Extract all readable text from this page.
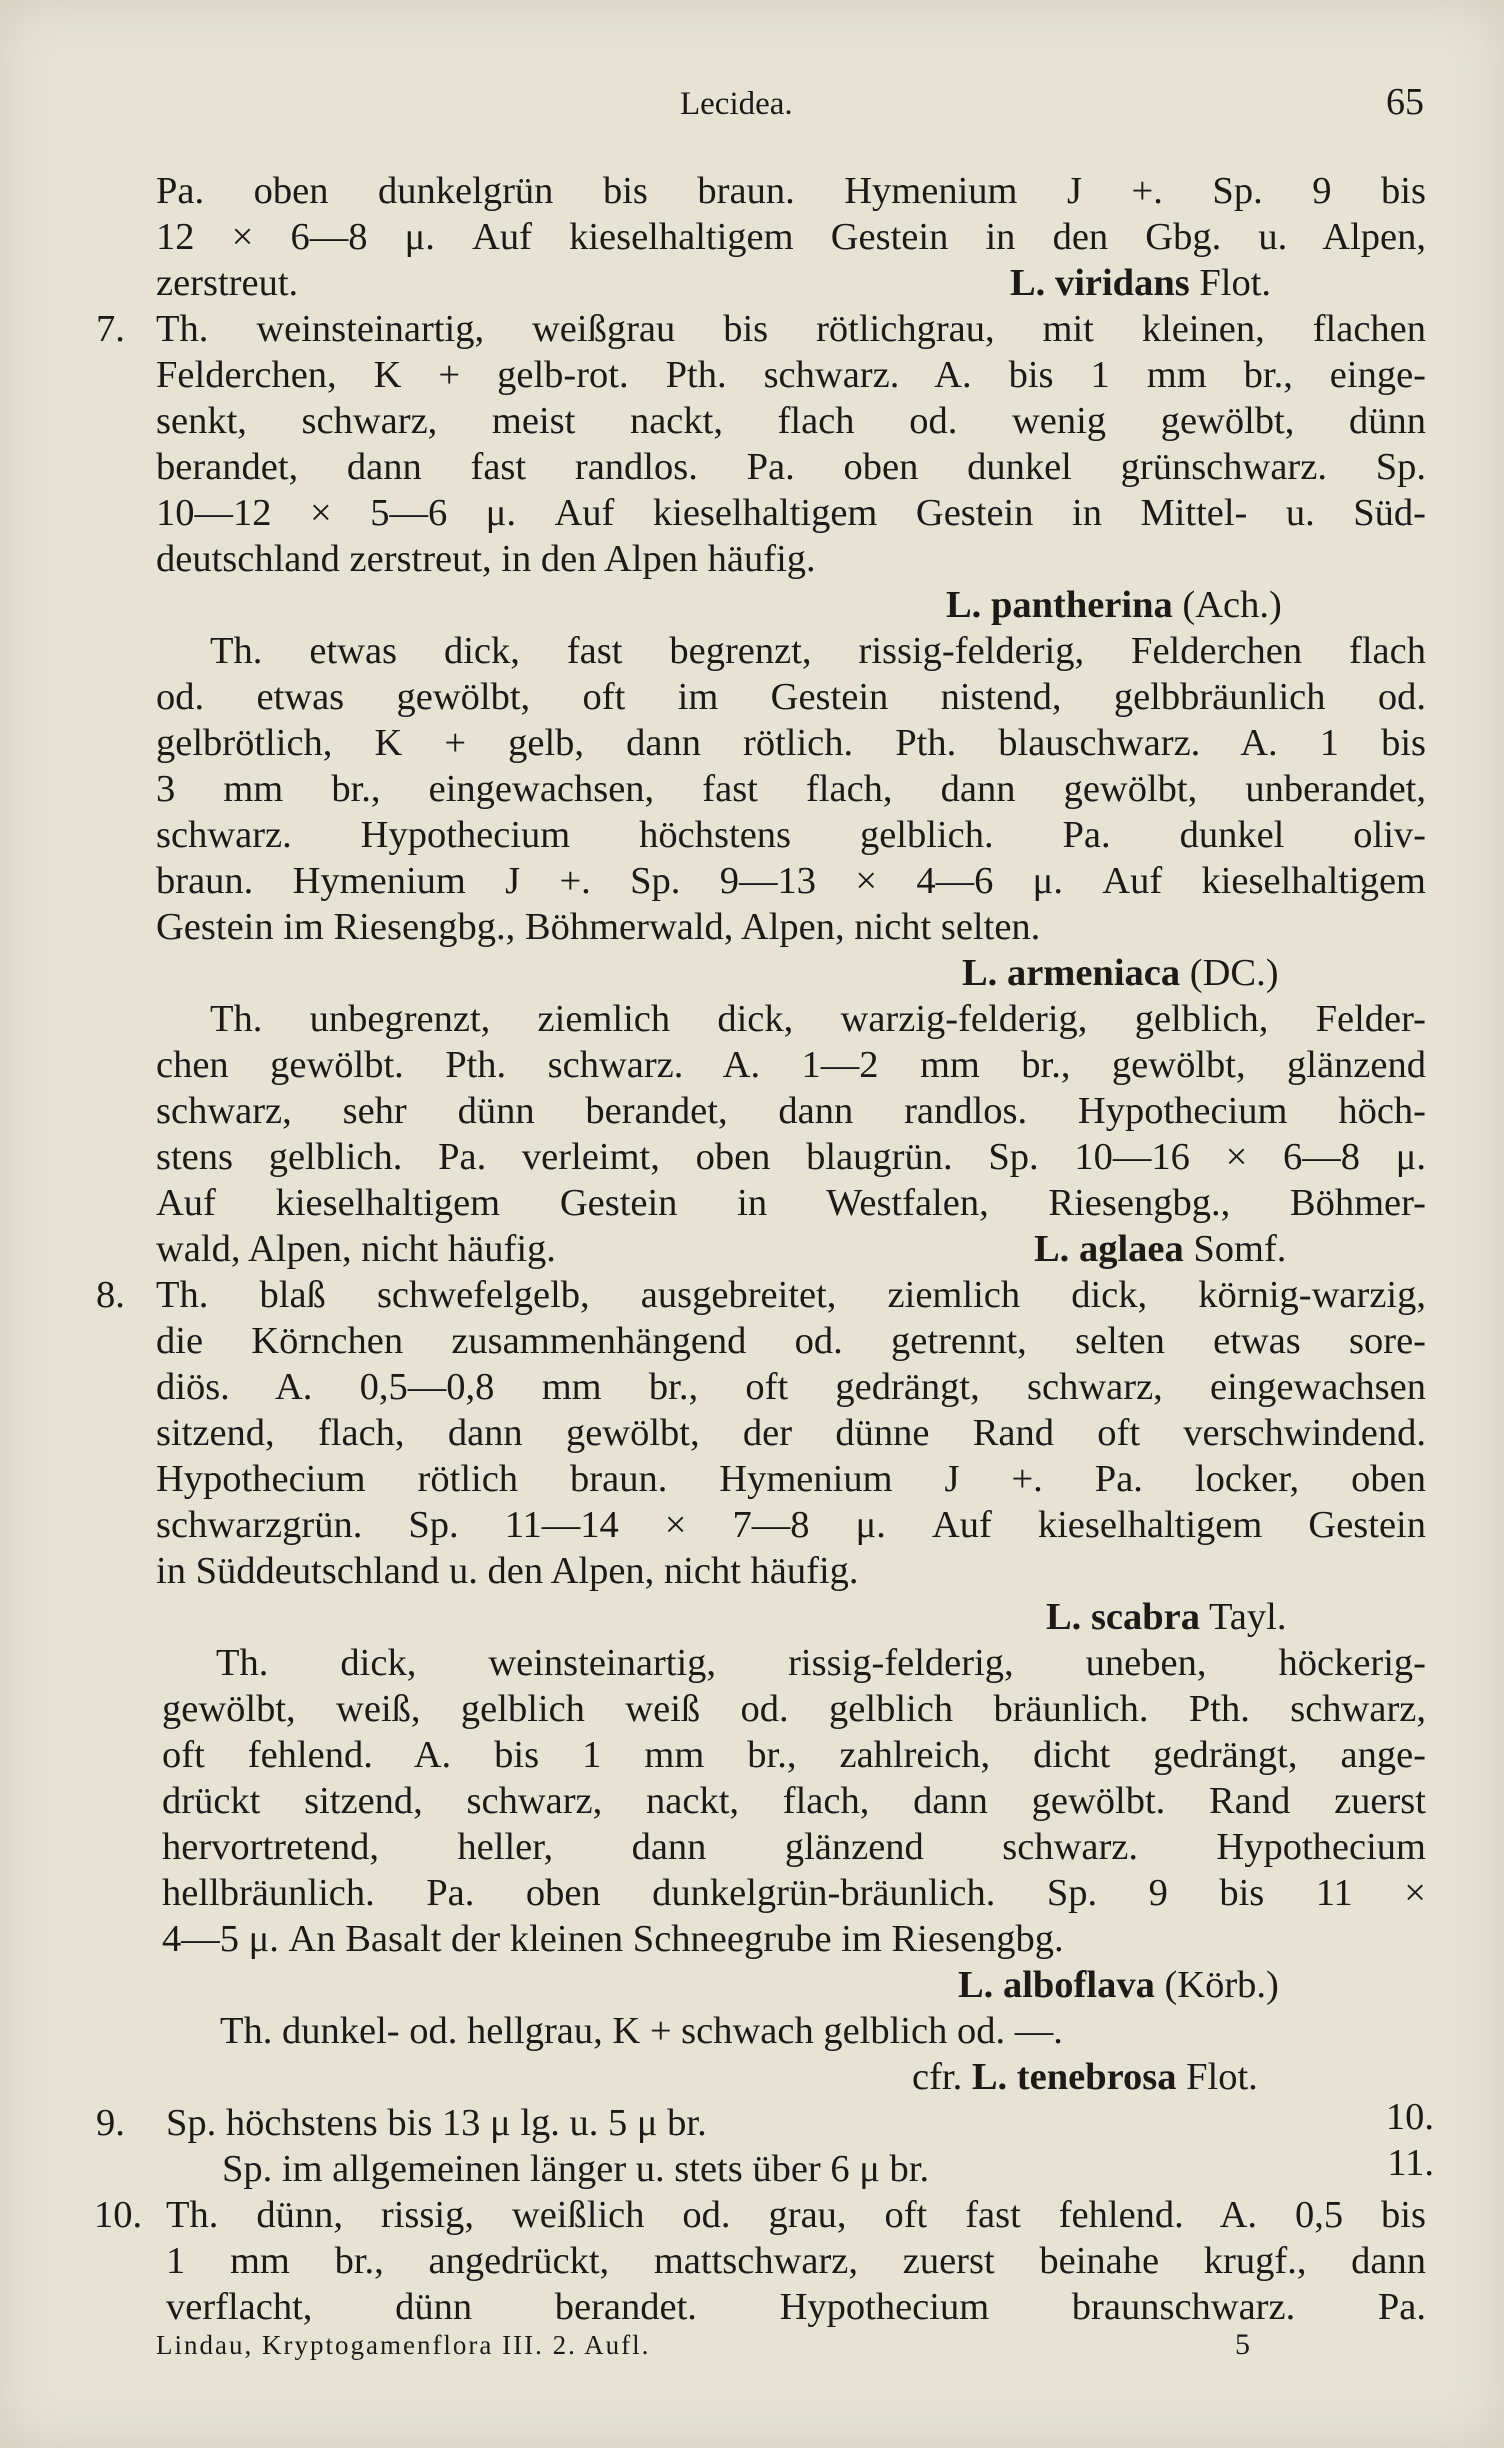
Lecidea.	65
Pa. oben dunkelgrün bis braun. Hymenium J +. Sp. 9 bis
12 × 6—8 μ. Auf kieselhaltigem Gestein in den Gbg. u. Alpen,
zerstreut.	L. viridans Flot.
7. Th. weinsteinartig, weißgrau bis rötlichgrau, mit kleinen, flachen
Felderchen, K + gelb-rot. Pth. schwarz. A. bis 1 mm br., einge-
senkt, schwarz, meist nackt, flach od. wenig gewölbt, dünn
berandet, dann fast randlos. Pa. oben dunkel grünschwarz. Sp.
10—12 × 5—6 μ. Auf kieselhaltigem Gestein in Mittel- u. Süd-
deutschland zerstreut, in den Alpen häufig.
L. pantherina (Ach.)
Th. etwas dick, fast begrenzt, rissig-felderig, Felderchen flach
od. etwas gewölbt, oft im Gestein nistend, gelbbräunlich od.
gelbrötlich, K + gelb, dann rötlich. Pth. blauschwarz. A. 1 bis
3 mm br., eingewachsen, fast flach, dann gewölbt, unberandet,
schwarz. Hypothecium höchstens gelblich. Pa. dunkel oliv-
braun. Hymenium J +. Sp. 9—13 × 4—6 μ. Auf kieselhaltigem
Gestein im Riesengbg., Böhmerwald, Alpen, nicht selten.
L. armeniaca (DC.)
Th. unbegrenzt, ziemlich dick, warzig-felderig, gelblich, Felder-
chen gewölbt. Pth. schwarz. A. 1—2 mm br., gewölbt, glänzend
schwarz, sehr dünn berandet, dann randlos. Hypothecium höch-
stens gelblich. Pa. verleimt, oben blaugrün. Sp. 10—16 × 6—8 μ.
Auf kieselhaltigem Gestein in Westfalen, Riesengbg., Böhmer-
wald, Alpen, nicht häufig.	L. aglaea Somf.
8. Th. blaß schwefelgelb, ausgebreitet, ziemlich dick, körnig-warzig,
die Körnchen zusammenhängend od. getrennt, selten etwas sore-
diös. A. 0,5—0,8 mm br., oft gedrängt, schwarz, eingewachsen
sitzend, flach, dann gewölbt, der dünne Rand oft verschwindend.
Hypothecium rötlich braun. Hymenium J +. Pa. locker, oben
schwarzgrün. Sp. 11—14 × 7—8 μ. Auf kieselhaltigem Gestein
in Süddeutschland u. den Alpen, nicht häufig.
L. scabra Tayl.
Th. dick, weinsteinartig, rissig-felderig, uneben, höckerig-
gewölbt, weiß, gelblich weiß od. gelblich bräunlich. Pth. schwarz,
oft fehlend. A. bis 1 mm br., zahlreich, dicht gedrängt, ange-
drückt sitzend, schwarz, nackt, flach, dann gewölbt. Rand zuerst
hervortretend, heller, dann glänzend schwarz. Hypothecium
hellbräunlich. Pa. oben dunkelgrün-bräunlich. Sp. 9 bis 11 ×
4—5 μ. An Basalt der kleinen Schneegrube im Riesengbg.
L. alboflava (Körb.)
Th. dunkel- od. hellgrau, K + schwach gelblich od. —.
cfr. L. tenebrosa Flot.
9. Sp. höchstens bis 13 μ lg. u. 5 μ br.	10.
Sp. im allgemeinen länger u. stets über 6 μ br.	11.
10. Th. dünn, rissig, weißlich od. grau, oft fast fehlend. A. 0,5 bis
1 mm br., angedrückt, mattschwarz, zuerst beinahe krugf., dann
verflacht, dünn berandet. Hypothecium braunschwarz. Pa.
Lindau, Kryptogamenflora III. 2. Aufl.	5
